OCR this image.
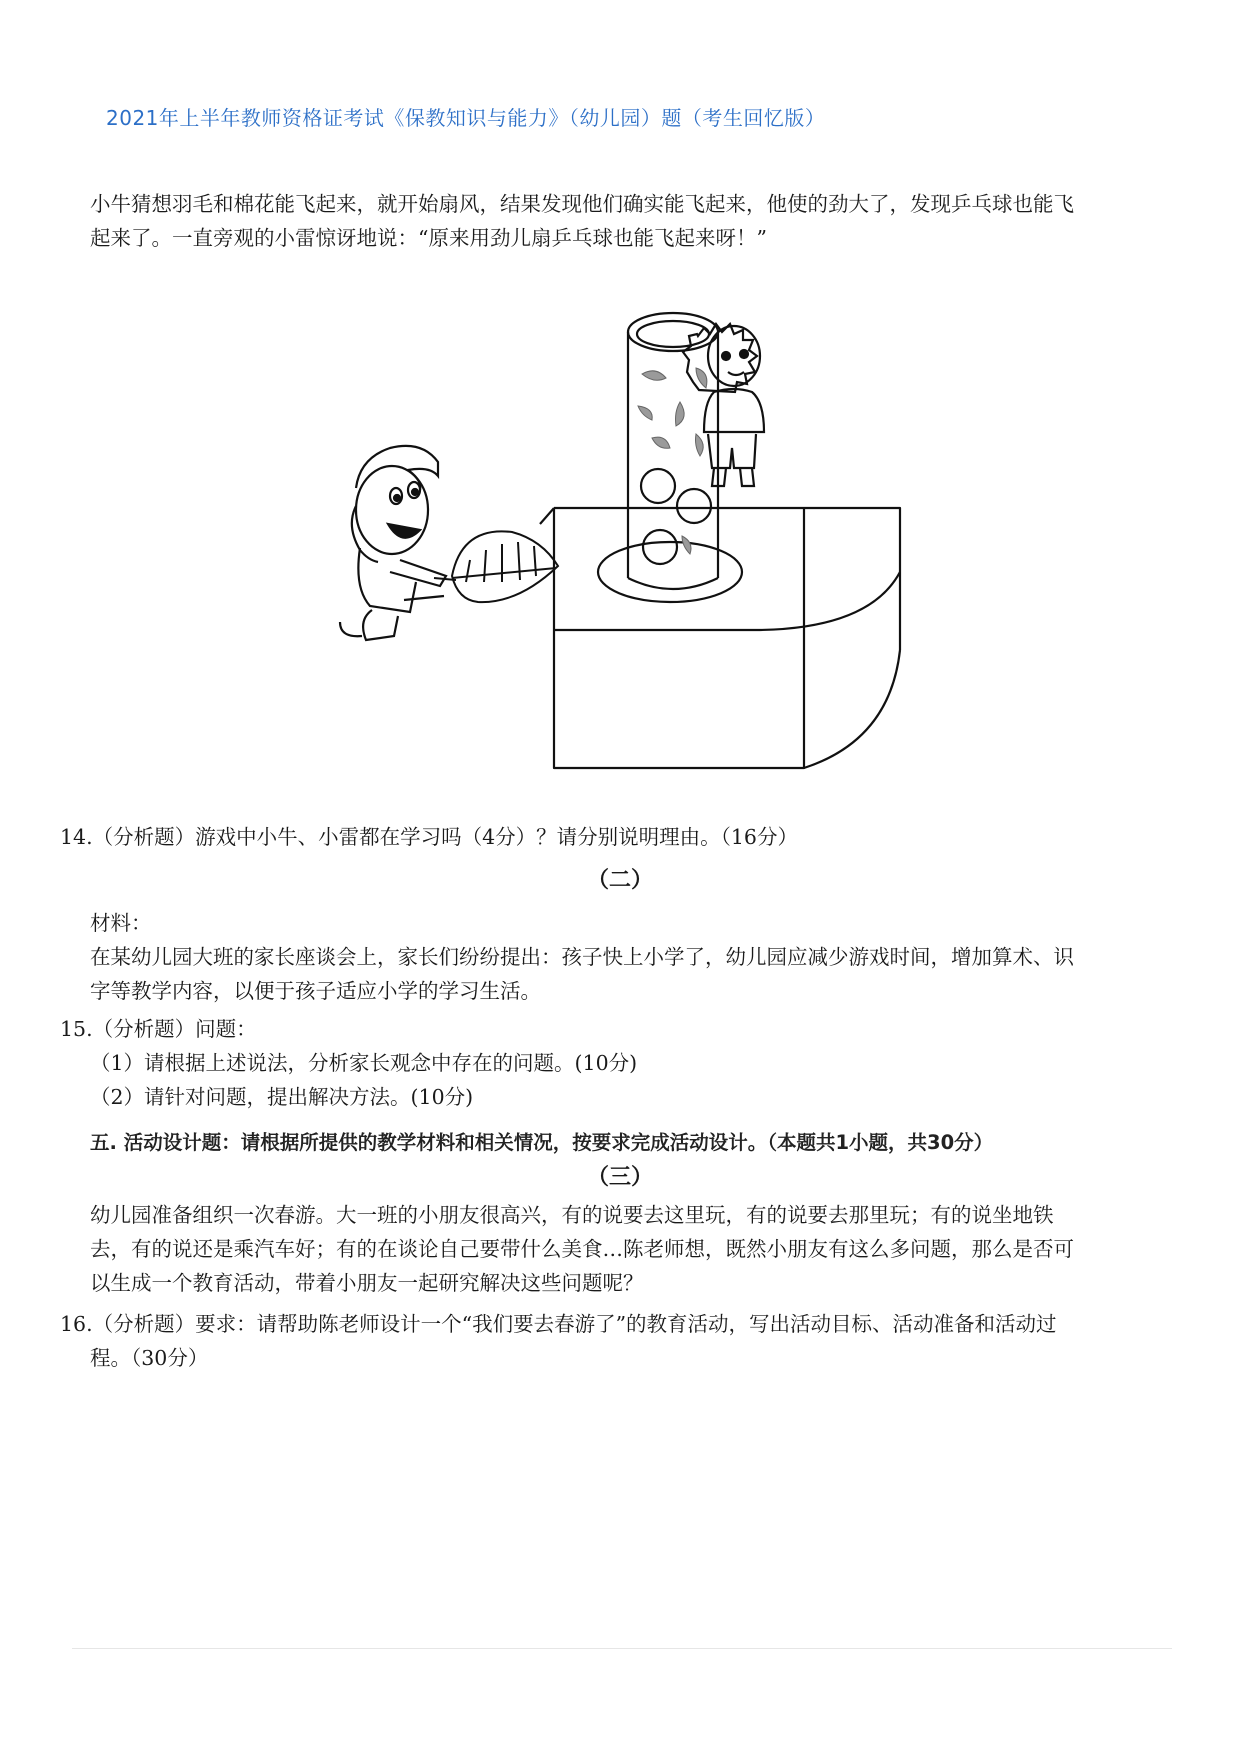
2021年上半年教师资格证考试《保教知识与能力》（幼儿园）题（考生回忆版）
小牛猜想羽毛和棉花能飞起来，就开始扇风，结果发现他们确实能飞起来，他使的劲大了，发现乒乓球也能飞
起来了。一直旁观的小雷惊讶地说：“原来用劲儿扇乒乓球也能飞起来呀！”
14.（分析题）游戏中小牛、小雷都在学习吗（4分）？请分别说明理由。（16分）
（二）
材料：
在某幼儿园大班的家长座谈会上，家长们纷纷提出：孩子快上小学了，幼儿园应减少游戏时间，增加算术、识
字等教学内容，以便于孩子适应小学的学习生活。
15.（分析题）问题：
（1）请根据上述说法，分析家长观念中存在的问题。(10分)
（2）请针对问题，提出解决方法。(10分)
五. 活动设计题：请根据所提供的教学材料和相关情况，按要求完成活动设计。（本题共1小题，共30分）
（三）
幼儿园准备组织一次春游。大一班的小朋友很高兴，有的说要去这里玩，有的说要去那里玩；有的说坐地铁
去，有的说还是乘汽车好；有的在谈论自己要带什么美食…陈老师想，既然小朋友有这么多问题，那么是否可
以生成一个教育活动，带着小朋友一起研究解决这些问题呢？
16.（分析题）要求：请帮助陈老师设计一个“我们要去春游了”的教育活动，写出活动目标、活动准备和活动过
程。（30分）
